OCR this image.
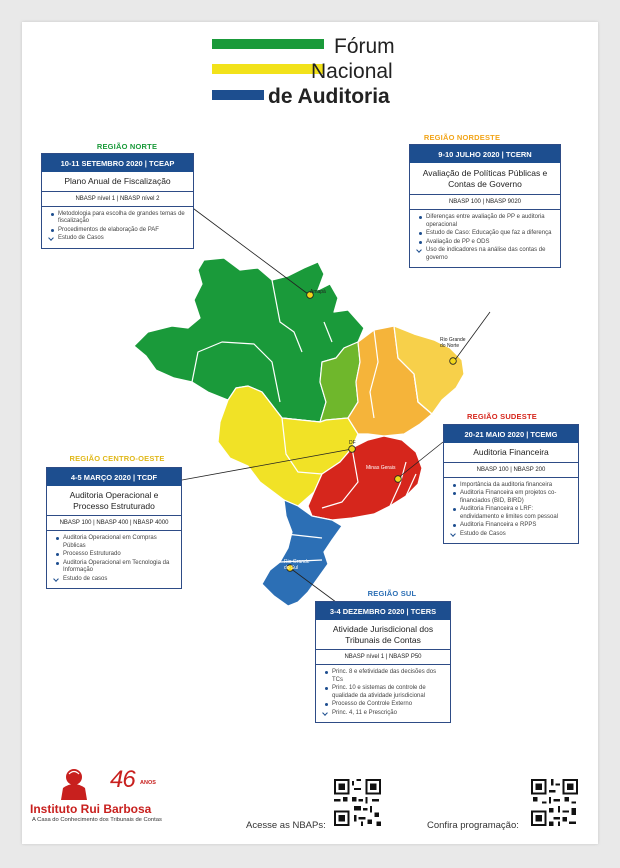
Fórum
Nacional
de Auditoria
Amapá
Rio Grande do Norte
DF
Minas Gerais
Rio Grande do Sul
REGIÃO NORTE
REGIÃO NORDESTE
REGIÃO CENTRO-OESTE
REGIÃO SUDESTE
REGIÃO SUL
10-11 SETEMBRO 2020 | TCEAP
Plano Anual de Fiscalização
NBASP nível 1 | NBASP nível 2
Metodologia para escolha de grandes temas de fiscalização
Procedimentos de elaboração de PAF
Estudo de Casos
9-10 JULHO 2020 | TCERN
Avaliação de Políticas Públicas e Contas de Governo
NBASP 100 | NBASP 9020
Diferenças entre avaliação de PP e auditoria operacional
Estudo de Caso: Educação que faz a diferença
Avaliação de PP e ODS
Uso de indicadores na análise das contas de governo
4-5 MARÇO 2020 | TCDF
Auditoria Operacional e Processo Estruturado
NBASP 100 | NBASP 400 | NBASP 4000
Auditoria Operacional em Compras Públicas
Processo Estruturado
Auditoria Operacional em Tecnologia da Informação
Estudo de casos
20-21 MAIO 2020 | TCEMG
Auditoria Financeira
NBASP 100 | NBASP 200
Importância da auditoria financeira
Auditoria Financeira em projetos co-financiados (BID, BIRD)
Auditoria Financeira e LRF: endividamento e limites com pessoal
Auditoria Financeira e RPPS
Estudo de Casos
3-4 DEZEMBRO 2020 | TCERS
Atividade Jurisdicional dos Tribunais de Contas
NBASP nível 1 | NBASP P50
Princ. 8 e efetividade das decisões dos TCs
Princ. 10 e sistemas de controle de qualidade da atividade jurisdicional
Processo de Controle Externo
Princ. 4, 11 e Prescrição
46 ANOS
Instituto Rui Barbosa
A Casa do Conhecimento dos Tribunais de Contas	Acesse as NBAPs:	Confira programação:
